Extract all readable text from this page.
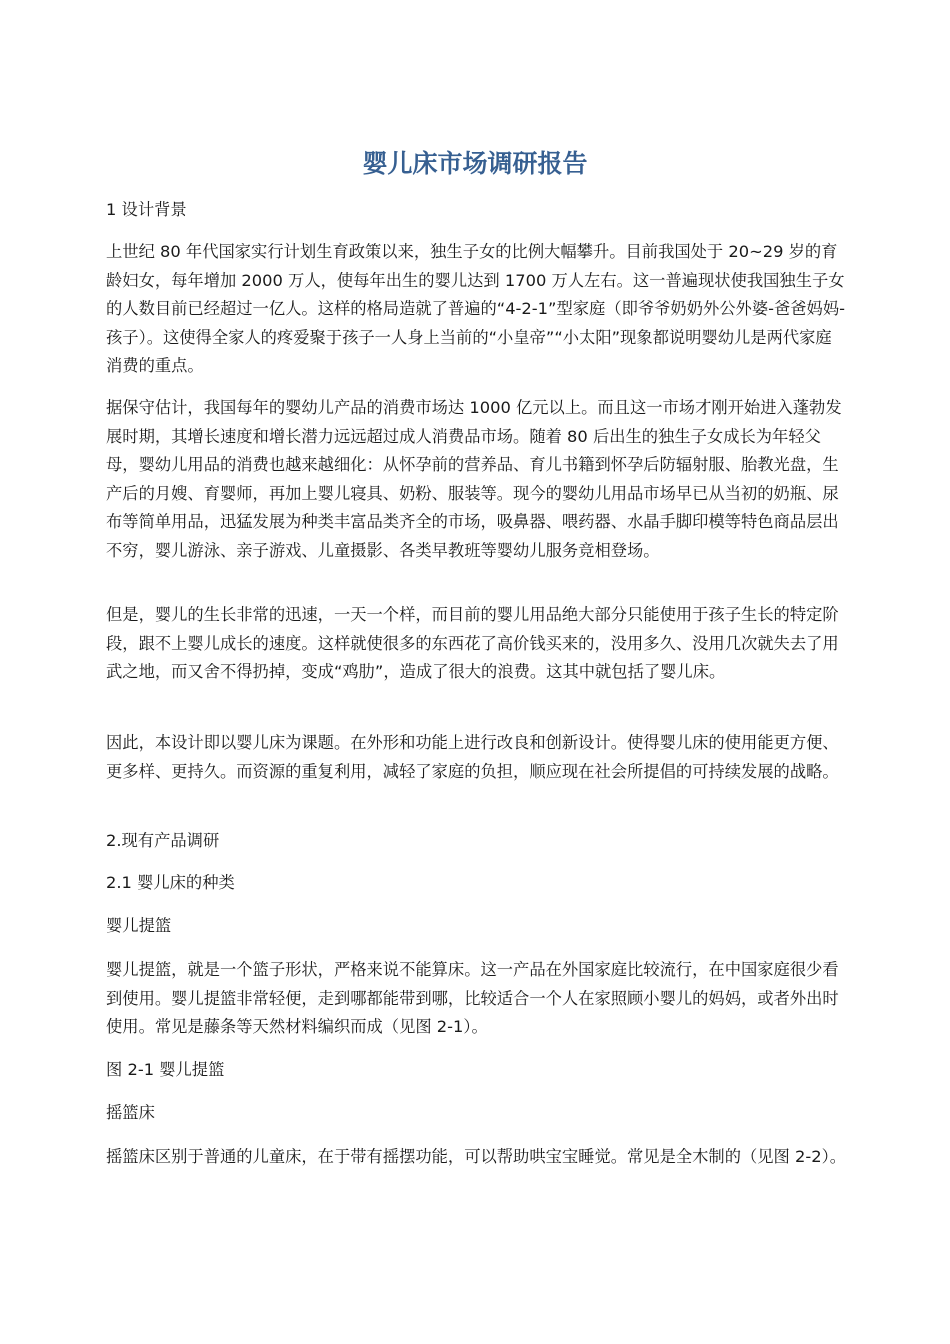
婴儿床市场调研报告

1 设计背景

上世纪 80 年代国家实行计划生育政策以来，独生子女的比例大幅攀升。目前我国处于 20~29 岁的育龄妇女，每年增加 2000 万人，使每年出生的婴儿达到 1700 万人左右。这一普遍现状使我国独生子女的人数目前已经超过一亿人。这样的格局造就了普遍的“4-2-1”型家庭（即爷爷奶奶外公外婆-爸爸妈妈-孩子）。这使得全家人的疼爱聚于孩子一人身上当前的“小皇帝”“小太阳”现象都说明婴幼儿是两代家庭消费的重点。

据保守估计，我国每年的婴幼儿产品的消费市场达 1000 亿元以上。而且这一市场才刚开始进入蓬勃发展时期，其增长速度和增长潜力远远超过成人消费品市场。随着 80 后出生的独生子女成长为年轻父母，婴幼儿用品的消费也越来越细化：从怀孕前的营养品、育儿书籍到怀孕后防辐射服、胎教光盘，生产后的月嫂、育婴师，再加上婴儿寝具、奶粉、服装等。现今的婴幼儿用品市场早已从当初的奶瓶、尿布等简单用品，迅猛发展为种类丰富品类齐全的市场，吸鼻器、喂药器、水晶手脚印模等特色商品层出不穷，婴儿游泳、亲子游戏、儿童摄影、各类早教班等婴幼儿服务竞相登场。

但是，婴儿的生长非常的迅速，一天一个样，而目前的婴儿用品绝大部分只能使用于孩子生长的特定阶段，跟不上婴儿成长的速度。这样就使很多的东西花了高价钱买来的，没用多久、没用几次就失去了用武之地，而又舍不得扔掉，变成“鸡肋”，造成了很大的浪费。这其中就包括了婴儿床。

因此，本设计即以婴儿床为课题。在外形和功能上进行改良和创新设计。使得婴儿床的使用能更方便、更多样、更持久。而资源的重复利用，减轻了家庭的负担，顺应现在社会所提倡的可持续发展的战略。

2.现有产品调研

2.1 婴儿床的种类

婴儿提篮

婴儿提篮，就是一个篮子形状，严格来说不能算床。这一产品在外国家庭比较流行，在中国家庭很少看到使用。婴儿提篮非常轻便，走到哪都能带到哪，比较适合一个人在家照顾小婴儿的妈妈，或者外出时使用。常见是藤条等天然材料编织而成（见图 2-1）。

图 2-1 婴儿提篮

摇篮床

摇篮床区别于普通的儿童床，在于带有摇摆功能，可以帮助哄宝宝睡觉。常见是全木制的（见图 2-2）。
